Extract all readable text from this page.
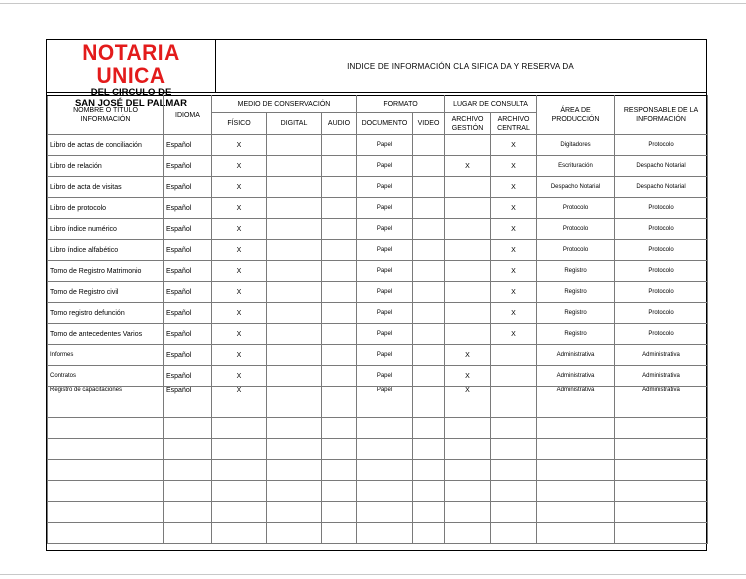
NOTARIA UNICA
SAN JOSÉ DEL PALMAR
INDICE DE INFORMACIÓN CLA SIFICA DA Y RESERVA DA
NOMBRE O TÍTULO INFORMACIÓN	IDIOMA	MEDIO DE CONSERVACIÓN			FORMATO		LUGAR DE CONSULTA		ÁREA DE PRODUCCIÓN	RESPONSABLE DE LA INFORMACIÓN
		FÍSICO	DIGITAL	AUDIO	DOCUMENTO	VIDEO	ARCHIVO GESTIÓN	ARCHIVO CENTRAL		
Libro de actas de conciliación	Español	X			Papel			X	Digitadores	Protocolo
Libro de relación	Español	X			Papel		X	X	Escrituración	Despacho Notarial
Libro de acta de visitas	Español	X			Papel			X	Despacho Notarial	Despacho Notarial
Libro de protocolo	Español	X			Papel			X	Protocolo	Protocolo
Libro índice numérico	Español	X			Papel			X	Protocolo	Protocolo
Libro índice alfabético	Español	X			Papel			X	Protocolo	Protocolo
Tomo de Registro Matrimonio	Español	X			Papel			X	Registro	Protocolo
Tomo de Registro civil	Español	X			Papel			X	Registro	Protocolo
Tomo registro defunción	Español	X			Papel			X	Registro	Protocolo
Tomo de antecedentes Varios	Español	X			Papel			X	Registro	Protocolo
Informes	Español	X			Papel		X		Administrativa	Administrativa
Contratos	Español	X			Papel		X		Administrativa	Administrativa
Registro de capacitaciones	Español	X			Papel		X		Administrativa	Administrativa
